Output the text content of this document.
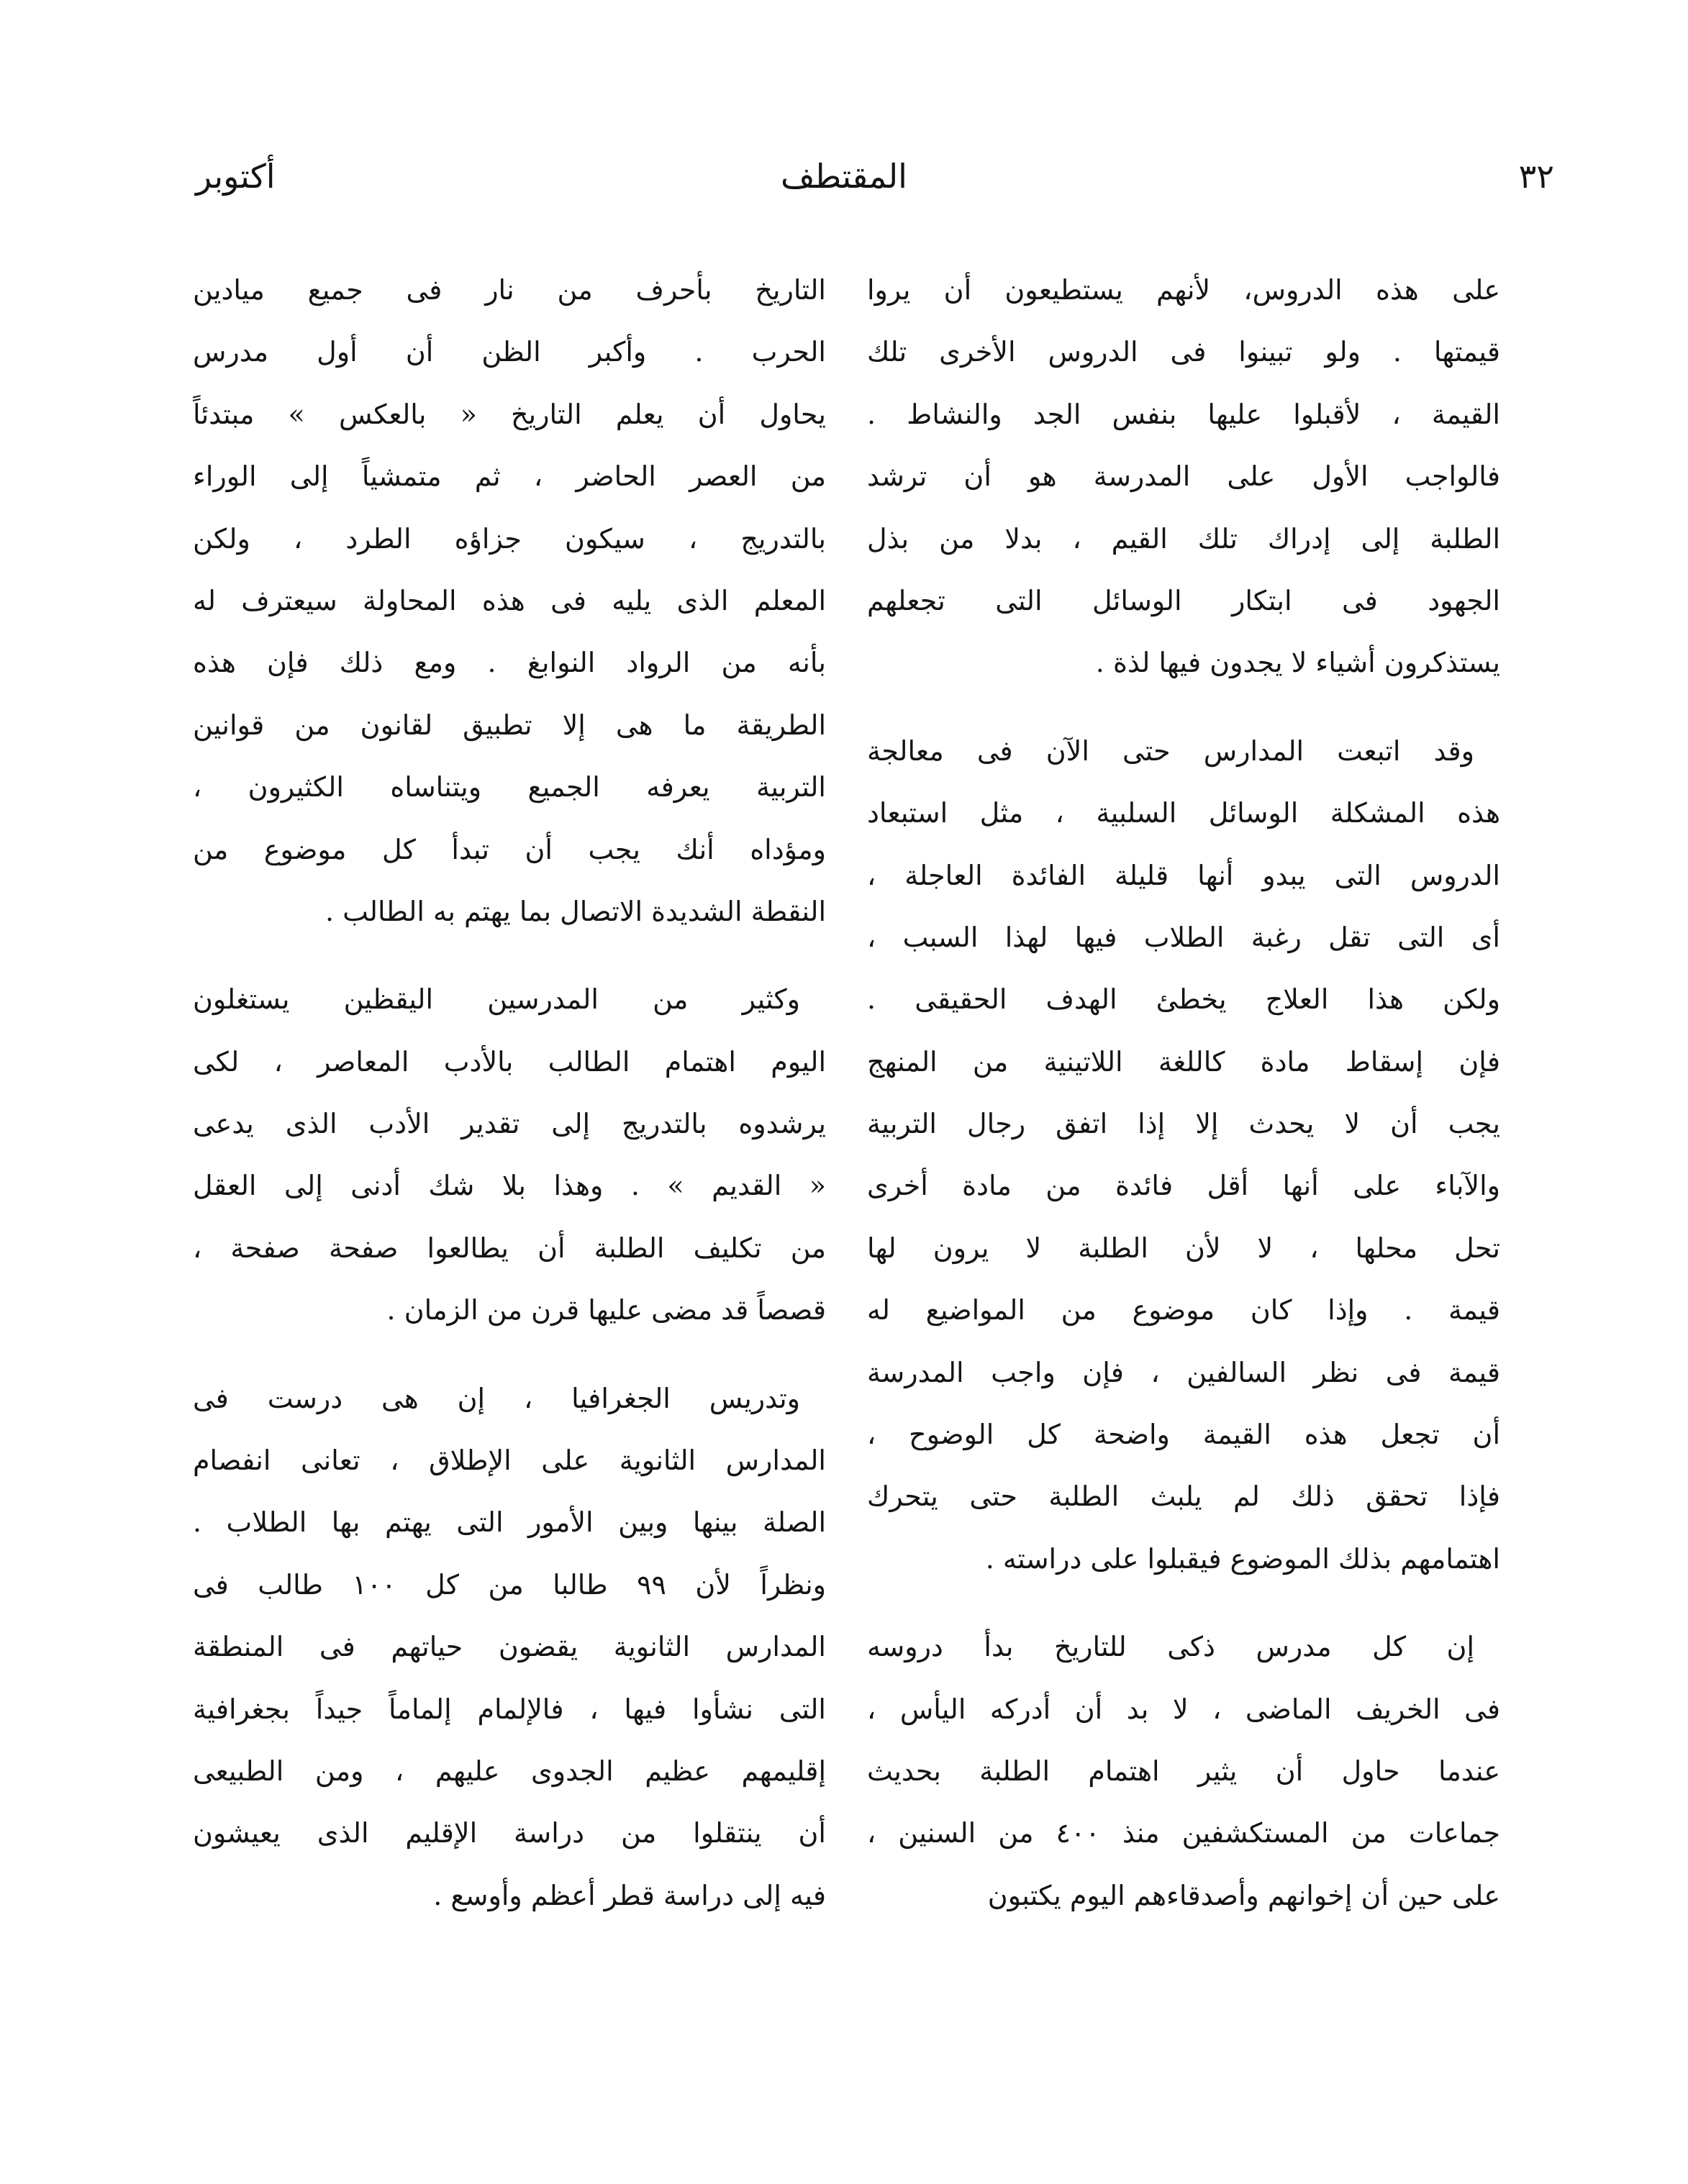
٣٢
المقتطف
أكتوبر
على هذه الدروس، لأنهم يستطيعون أن يروا
قيمتها . ولو تبينوا فى الدروس الأخرى تلك
القيمة ، لأقبلوا عليها بنفس الجد والنشاط .
فالواجب الأول على المدرسة هو أن ترشد
الطلبة إلى إدراك تلك القيم ، بدلا من بذل
الجهود فى ابتكار الوسائل التى تجعلهم
يستذكرون أشياء لا يجدون فيها لذة .
وقد اتبعت المدارس حتى الآن فى معالجة
هذه المشكلة الوسائل السلبية ، مثل استبعاد
الدروس التى يبدو أنها قليلة الفائدة العاجلة ،
أى التى تقل رغبة الطلاب فيها لهذا السبب ،
ولكن هذا العلاج يخطئ الهدف الحقيقى .
فإن إسقاط مادة كاللغة اللاتينية من المنهج
يجب أن لا يحدث إلا إذا اتفق رجال التربية
والآباء على أنها أقل فائدة من مادة أخرى
تحل محلها ، لا لأن الطلبة لا يرون لها
قيمة . وإذا كان موضوع من المواضيع له
قيمة فى نظر السالفين ، فإن واجب المدرسة
أن تجعل هذه القيمة واضحة كل الوضوح ،
فإذا تحقق ذلك لم يلبث الطلبة حتى يتحرك
اهتمامهم بذلك الموضوع فيقبلوا على دراسته .
إن كل مدرس ذكى للتاريخ بدأ دروسه
فى الخريف الماضى ، لا بد أن أدركه اليأس ،
عندما حاول أن يثير اهتمام الطلبة بحديث
جماعات من المستكشفين منذ ٤٠٠ من السنين ،
على حين أن إخوانهم وأصدقاءهم اليوم يكتبون
التاريخ بأحرف من نار فى جميع ميادين
الحرب . وأكبر الظن أن أول مدرس
يحاول أن يعلم التاريخ « بالعكس » مبتدئاً
من العصر الحاضر ، ثم متمشياً إلى الوراء
بالتدريج ، سيكون جزاؤه الطرد ، ولكن
المعلم الذى يليه فى هذه المحاولة سيعترف له
بأنه من الرواد النوابغ . ومع ذلك فإن هذه
الطريقة ما هى إلا تطبيق لقانون من قوانين
التربية يعرفه الجميع ويتناساه الكثيرون ،
ومؤداه أنك يجب أن تبدأ كل موضوع من
النقطة الشديدة الاتصال بما يهتم به الطالب .
وكثير من المدرسين اليقظين يستغلون
اليوم اهتمام الطالب بالأدب المعاصر ، لكى
يرشدوه بالتدريج إلى تقدير الأدب الذى يدعى
« القديم » . وهذا بلا شك أدنى إلى العقل
من تكليف الطلبة أن يطالعوا صفحة صفحة ،
قصصاً قد مضى عليها قرن من الزمان .
وتدريس الجغرافيا ، إن هى درست فى
المدارس الثانوية على الإطلاق ، تعانى انفصام
الصلة بينها وبين الأمور التى يهتم بها الطلاب .
ونظراً لأن ٩٩ طالبا من كل ١٠٠ طالب فى
المدارس الثانوية يقضون حياتهم فى المنطقة
التى نشأوا فيها ، فالإلمام إلماماً جيداً بجغرافية
إقليمهم عظيم الجدوى عليهم ، ومن الطبيعى
أن ينتقلوا من دراسة الإقليم الذى يعيشون
فيه إلى دراسة قطر أعظم وأوسع .
